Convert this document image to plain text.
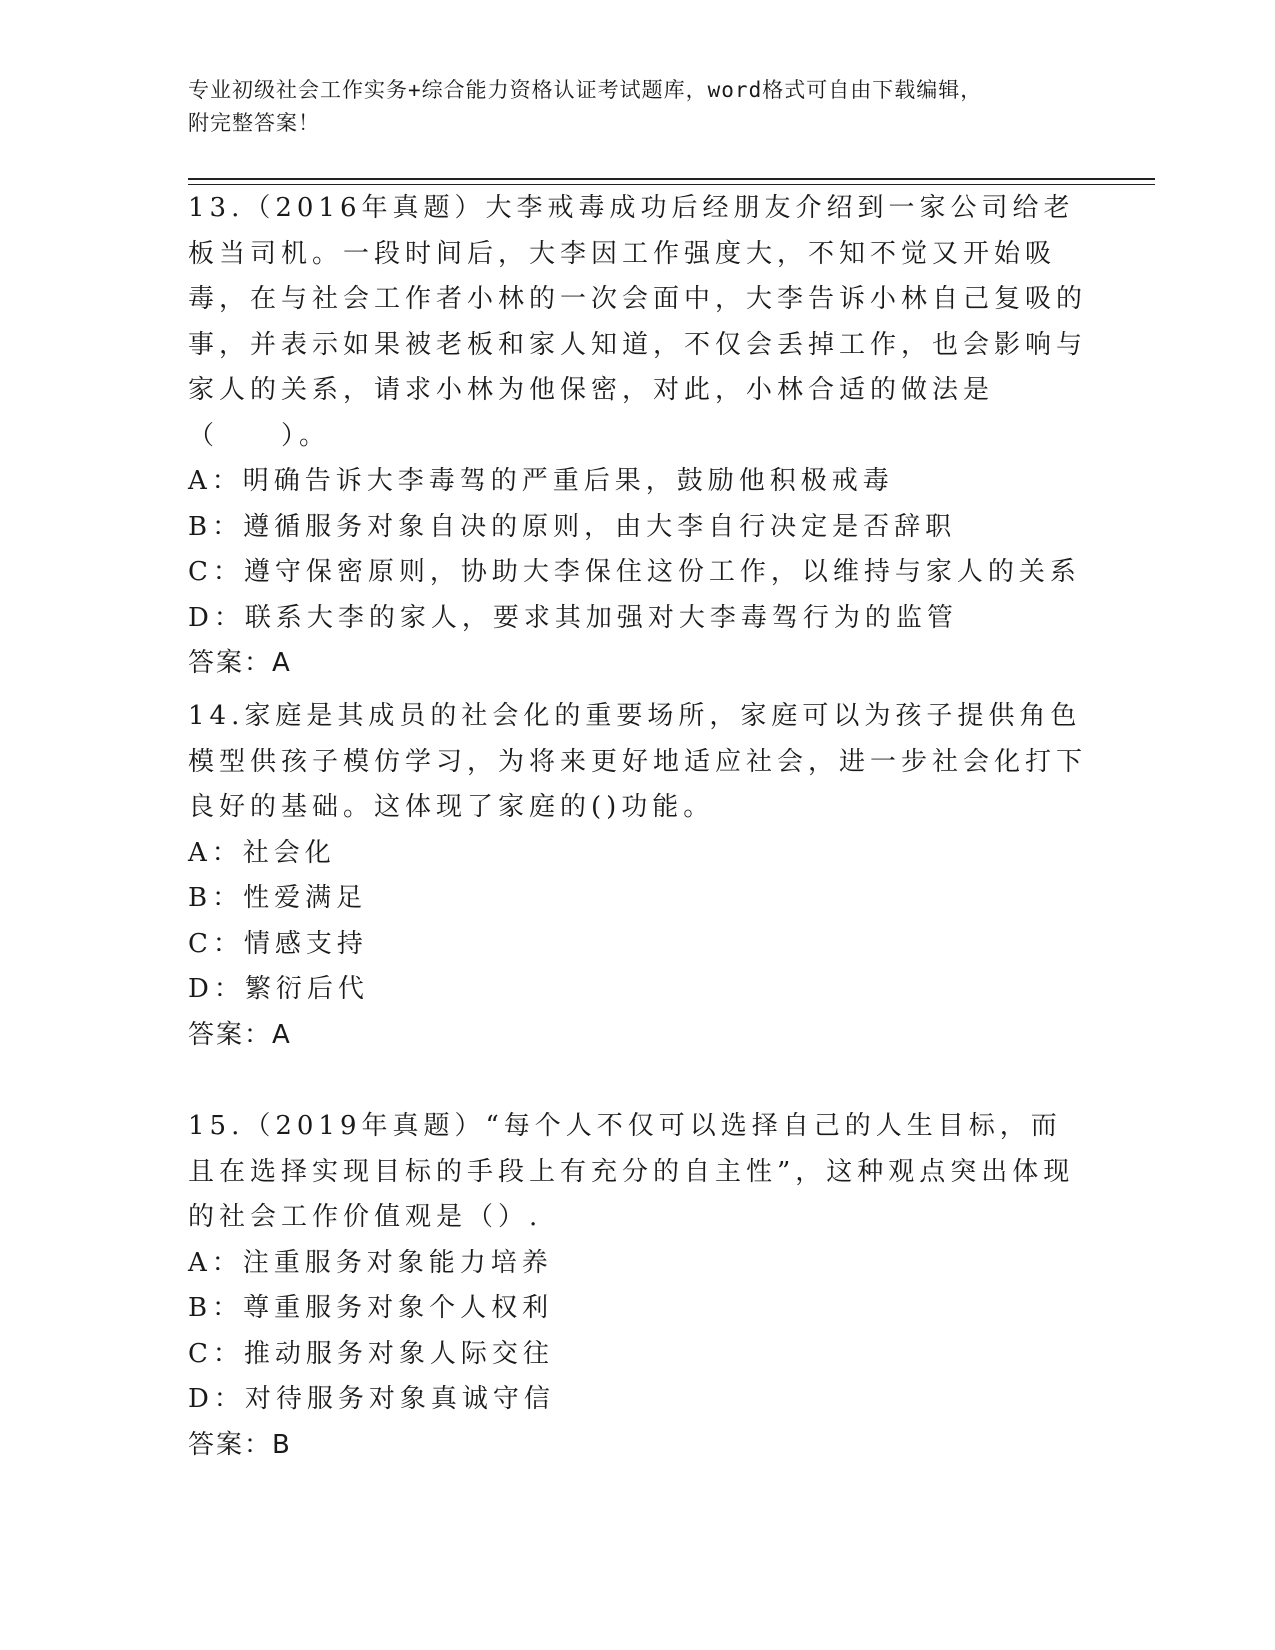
专业初级社会工作实务+综合能力资格认证考试题库，word格式可自由下载编辑，
附完整答案！

13.（2016年真题）大李戒毒成功后经朋友介绍到一家公司给老板当司机。一段时间后，大李因工作强度大，不知不觉又开始吸毒，在与社会工作者小林的一次会面中，大李告诉小林自己复吸的事，并表示如果被老板和家人知道，不仅会丢掉工作，也会影响与家人的关系，请求小林为他保密，对此，小林合适的做法是（　　）。

A：明确告诉大李毒驾的严重后果，鼓励他积极戒毒

B：遵循服务对象自决的原则，由大李自行决定是否辞职

C：遵守保密原则，协助大李保住这份工作，以维持与家人的关系

D：联系大李的家人，要求其加强对大李毒驾行为的监管

答案：A

14.家庭是其成员的社会化的重要场所，家庭可以为孩子提供角色模型供孩子模仿学习，为将来更好地适应社会，进一步社会化打下良好的基础。这体现了家庭的()功能。

A：社会化

B：性爱满足

C：情感支持

D：繁衍后代

答案：A

15.（2019年真题）“每个人不仅可以选择自己的人生目标，而且在选择实现目标的手段上有充分的自主性”，这种观点突出体现的社会工作价值观是（）.

A：注重服务对象能力培养

B：尊重服务对象个人权利

C：推动服务对象人际交往

D：对待服务对象真诚守信

答案：B
